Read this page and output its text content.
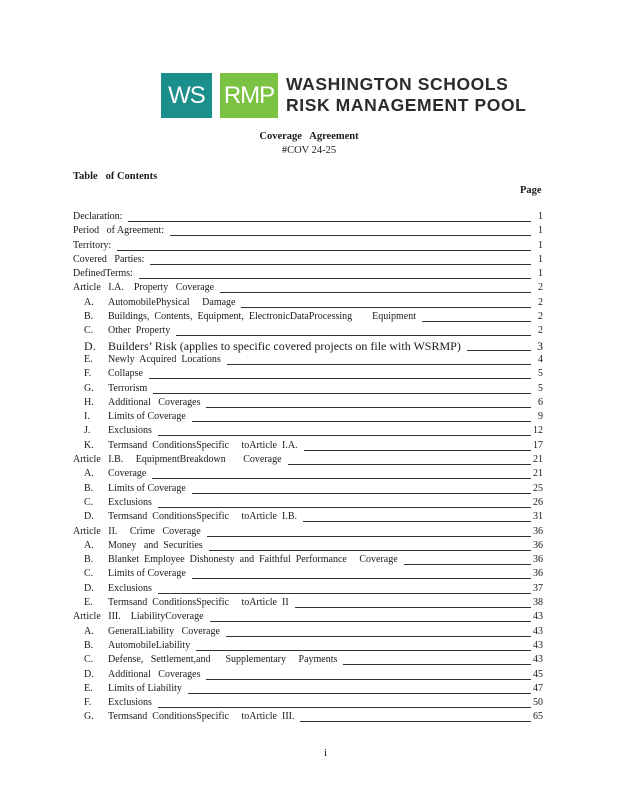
WS RMP WASHINGTON SCHOOLS
RISK MANAGEMENT POOL
Coverage   Agreement
#COV 24-25
Table   of Contents
Page
Declaration:	1
Period   of Agreement:	1
Territory:	1
Covered   Parties:	1
DefinedTerms:	1
Article   I.A.    Property   Coverage	2
A. AutomobilePhysical     Damage	2
B. Buildings,  Contents,  Equipment,  ElectronicDataProcessing        Equipment	2
C. Other  Property	2
D. Builders’ Risk (applies to specific covered projects on file with WSRMP)	3
E. Newly  Acquired  Locations	4
F. Collapse	5
G. Terrorism	5
H. Additional   Coverages	6
I. Limits of Coverage	9
J. Exclusions	12
K. Termsand  ConditionsSpecific     toArticle  I.A.	17
Article   I.B.     EquipmentBreakdown       Coverage	21
A. Coverage	21
B. Limits of Coverage	25
C. Exclusions	26
D. Termsand  ConditionsSpecific     toArticle  I.B.	31
Article   II.     Crime   Coverage	36
A. Money   and  Securities	36
B. Blanket  Employee  Dishonesty  and  Faithful  Performance     Coverage	36
C. Limits of Coverage	36
D. Exclusions	37
E. Termsand  ConditionsSpecific     toArticle  II	38
Article   III.    LiabilityCoverage	43
A. GeneralLiability   Coverage	43
B. AutomobileLiability	43
C. Defense,   Settlement,and      Supplementary     Payments	43
D. Additional   Coverages	45
E. Limits of Liability	47
F. Exclusions	50
G. Termsand  ConditionsSpecific     toArticle  III.	65
i
